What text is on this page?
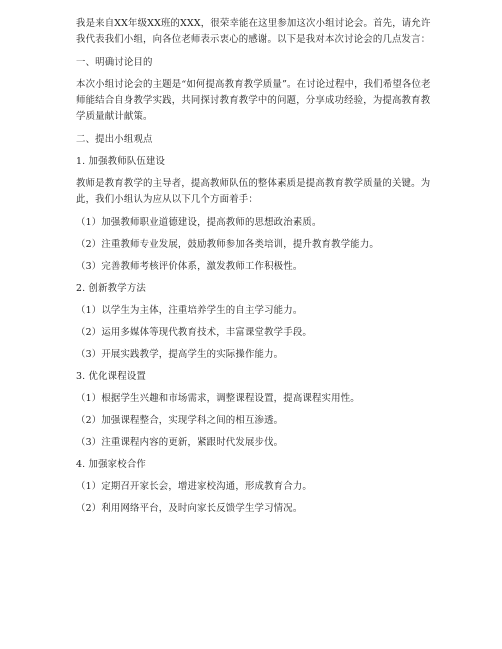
我是来自XX年级XX班的XXX，很荣幸能在这里参加这次小组讨论会。首先，请允许我代表我们小组，向各位老师表示衷心的感谢。以下是我对本次讨论会的几点发言：

一、明确讨论目的

本次小组讨论会的主题是“如何提高教育教学质量”。在讨论过程中，我们希望各位老师能结合自身教学实践，共同探讨教育教学中的问题，分享成功经验，为提高教育教学质量献计献策。

二、提出小组观点

1. 加强教师队伍建设

教师是教育教学的主导者，提高教师队伍的整体素质是提高教育教学质量的关键。为此，我们小组认为应从以下几个方面着手：

（1）加强教师职业道德建设，提高教师的思想政治素质。

（2）注重教师专业发展，鼓励教师参加各类培训，提升教育教学能力。

（3）完善教师考核评价体系，激发教师工作积极性。

2. 创新教学方法

（1）以学生为主体，注重培养学生的自主学习能力。

（2）运用多媒体等现代教育技术，丰富课堂教学手段。

（3）开展实践教学，提高学生的实际操作能力。

3. 优化课程设置

（1）根据学生兴趣和市场需求，调整课程设置，提高课程实用性。

（2）加强课程整合，实现学科之间的相互渗透。

（3）注重课程内容的更新，紧跟时代发展步伐。

4. 加强家校合作

（1）定期召开家长会，增进家校沟通，形成教育合力。

（2）利用网络平台，及时向家长反馈学生学习情况。
